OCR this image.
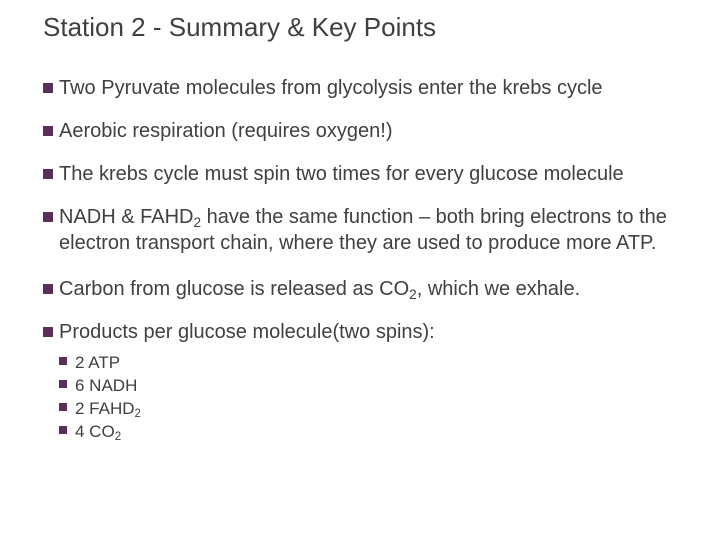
Station 2 - Summary & Key Points
Two Pyruvate molecules from glycolysis enter the krebs cycle
Aerobic respiration (requires oxygen!)
The krebs cycle must spin two times for every glucose molecule
NADH & $FAHD_2$ have the same function – both bring electrons to the electron transport chain, where they are used to produce more ATP.
Carbon from glucose is released as $CO_2$, which we exhale.
Products per glucose molecule(two spins):
2 ATP
6 NADH
2 $FAHD_2$
4 $CO_2$
